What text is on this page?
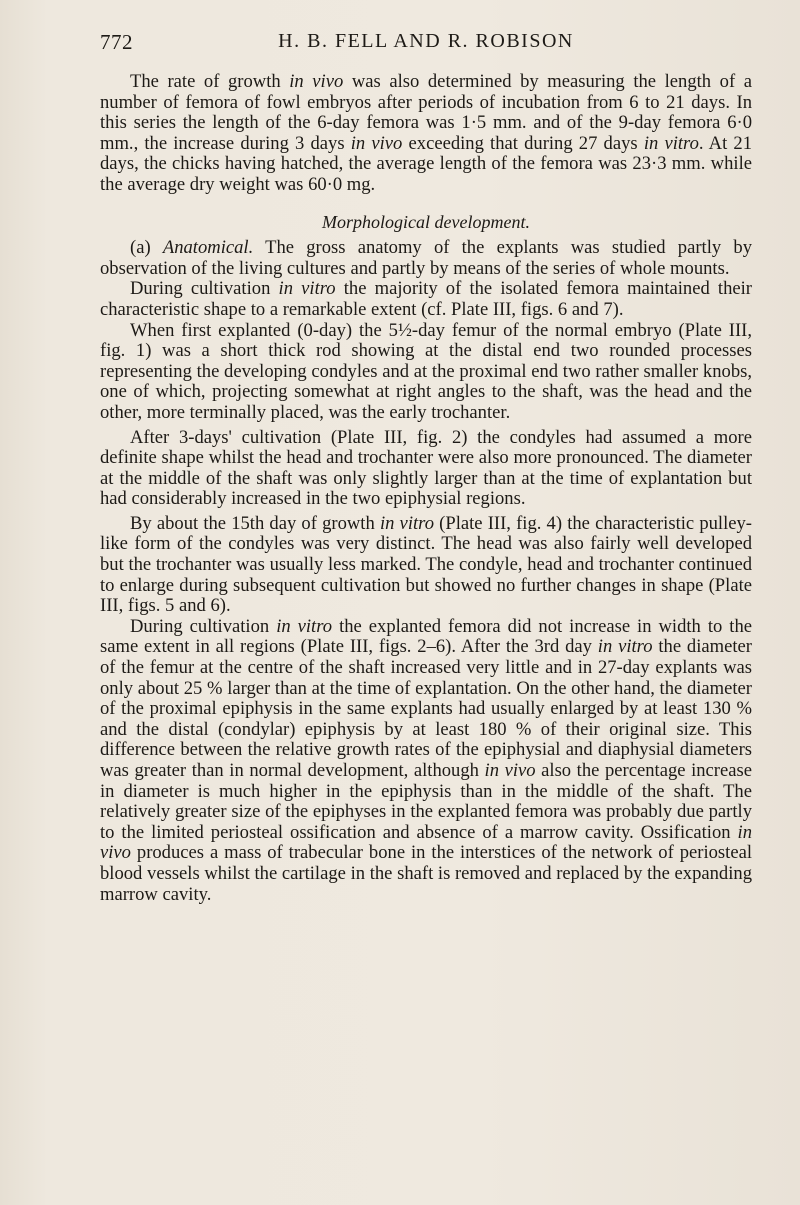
772	H. B. FELL AND R. ROBISON

The rate of growth in vivo was also determined by measuring the length of a number of femora of fowl embryos after periods of incubation from 6 to 21 days. In this series the length of the 6-day femora was 1·5 mm. and of the 9-day femora 6·0 mm., the increase during 3 days in vivo exceeding that during 27 days in vitro. At 21 days, the chicks having hatched, the average length of the femora was 23·3 mm. while the average dry weight was 60·0 mg.

Morphological development.

(a) Anatomical. The gross anatomy of the explants was studied partly by observation of the living cultures and partly by means of the series of whole mounts.

During cultivation in vitro the majority of the isolated femora maintained their characteristic shape to a remarkable extent (cf. Plate III, figs. 6 and 7).

When first explanted (0-day) the 5½-day femur of the normal embryo (Plate III, fig. 1) was a short thick rod showing at the distal end two rounded processes representing the developing condyles and at the proximal end two rather smaller knobs, one of which, projecting somewhat at right angles to the shaft, was the head and the other, more terminally placed, was the early trochanter.

After 3-days' cultivation (Plate III, fig. 2) the condyles had assumed a more definite shape whilst the head and trochanter were also more pronounced. The diameter at the middle of the shaft was only slightly larger than at the time of explantation but had considerably increased in the two epiphysial regions.

By about the 15th day of growth in vitro (Plate III, fig. 4) the characteristic pulley-like form of the condyles was very distinct. The head was also fairly well developed but the trochanter was usually less marked. The condyle, head and trochanter continued to enlarge during subsequent cultivation but showed no further changes in shape (Plate III, figs. 5 and 6).

During cultivation in vitro the explanted femora did not increase in width to the same extent in all regions (Plate III, figs. 2–6). After the 3rd day in vitro the diameter of the femur at the centre of the shaft increased very little and in 27-day explants was only about 25 % larger than at the time of explantation. On the other hand, the diameter of the proximal epiphysis in the same explants had usually enlarged by at least 130 % and the distal (condylar) epiphysis by at least 180 % of their original size. This difference between the relative growth rates of the epiphysial and diaphysial diameters was greater than in normal development, although in vivo also the percentage increase in diameter is much higher in the epiphysis than in the middle of the shaft. The relatively greater size of the epiphyses in the explanted femora was probably due partly to the limited periosteal ossification and absence of a marrow cavity. Ossification in vivo produces a mass of trabecular bone in the interstices of the network of periosteal blood vessels whilst the cartilage in the shaft is removed and replaced by the expanding marrow cavity.
